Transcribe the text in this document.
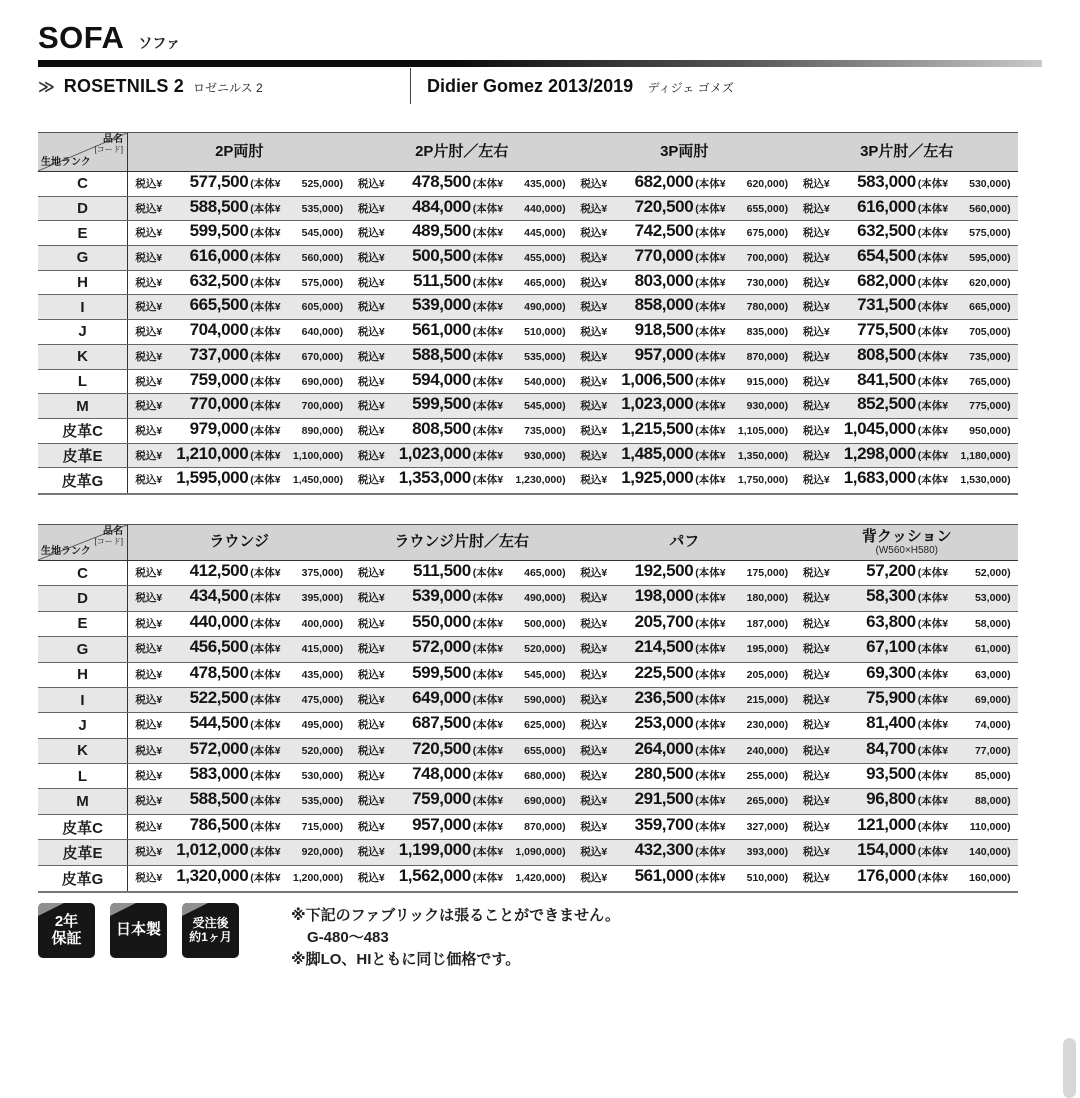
SOFA ソファ
≫ ROSETNILS 2 ロゼニルス 2	Didier Gomez 2013/2019 ディジェ ゴメズ
品名
[コード]
生地ランク
2P両肘	2P片肘／左右	3P両肘	3P片肘／左右
C	税込¥	577,500 (本体¥ 525,000) 税込¥	478,500 (本体¥ 435,000) 税込¥	682,000 (本体¥ 620,000) 税込¥	583,000 (本体¥ 530,000)
D	税込¥	588,500 (本体¥ 535,000) 税込¥	484,000 (本体¥ 440,000) 税込¥	720,500 (本体¥ 655,000) 税込¥	616,000 (本体¥ 560,000)
E	税込¥	599,500 (本体¥ 545,000) 税込¥	489,500 (本体¥ 445,000) 税込¥	742,500 (本体¥ 675,000) 税込¥	632,500 (本体¥ 575,000)
G	税込¥	616,000 (本体¥ 560,000) 税込¥	500,500 (本体¥ 455,000) 税込¥	770,000 (本体¥ 700,000) 税込¥	654,500 (本体¥ 595,000)
H	税込¥	632,500 (本体¥ 575,000) 税込¥	511,500 (本体¥ 465,000) 税込¥	803,000 (本体¥ 730,000) 税込¥	682,000 (本体¥ 620,000)
I	税込¥	665,500 (本体¥ 605,000) 税込¥	539,000 (本体¥ 490,000) 税込¥	858,000 (本体¥ 780,000) 税込¥	731,500 (本体¥ 665,000)
J	税込¥	704,000 (本体¥ 640,000) 税込¥	561,000 (本体¥ 510,000) 税込¥	918,500 (本体¥ 835,000) 税込¥	775,500 (本体¥ 705,000)
K	税込¥	737,000 (本体¥ 670,000) 税込¥	588,500 (本体¥ 535,000) 税込¥	957,000 (本体¥ 870,000) 税込¥	808,500 (本体¥ 735,000)
L	税込¥	759,000 (本体¥ 690,000) 税込¥	594,000 (本体¥ 540,000) 税込¥ 1,006,500 (本体¥ 915,000) 税込¥	841,500 (本体¥ 765,000)
M	税込¥	770,000 (本体¥ 700,000) 税込¥	599,500 (本体¥ 545,000) 税込¥ 1,023,000 (本体¥ 930,000) 税込¥	852,500 (本体¥ 775,000)
皮革C	税込¥	979,000 (本体¥ 890,000) 税込¥	808,500 (本体¥ 735,000) 税込¥ 1,215,500 (本体¥ 1,105,000) 税込¥ 1,045,000 (本体¥ 950,000)
皮革E	税込¥ 1,210,000 (本体¥ 1,100,000) 税込¥ 1,023,000 (本体¥ 930,000) 税込¥ 1,485,000 (本体¥ 1,350,000) 税込¥ 1,298,000 (本体¥ 1,180,000)
皮革G	税込¥ 1,595,000 (本体¥ 1,450,000) 税込¥ 1,353,000 (本体¥ 1,230,000) 税込¥ 1,925,000 (本体¥ 1,750,000) 税込¥ 1,683,000 (本体¥ 1,530,000)
品名
[コード]
生地ランク
ラウンジ	ラウンジ片肘／左右	パフ	背クッション
(W560×H580)
C	税込¥	412,500 (本体¥ 375,000) 税込¥	511,500 (本体¥ 465,000) 税込¥	192,500 (本体¥ 175,000) 税込¥	57,200 (本体¥	52,000)
D	税込¥	434,500 (本体¥ 395,000) 税込¥	539,000 (本体¥ 490,000) 税込¥	198,000 (本体¥ 180,000) 税込¥	58,300 (本体¥	53,000)
E	税込¥	440,000 (本体¥ 400,000) 税込¥	550,000 (本体¥ 500,000) 税込¥	205,700 (本体¥ 187,000) 税込¥	63,800 (本体¥	58,000)
G	税込¥	456,500 (本体¥ 415,000) 税込¥	572,000 (本体¥ 520,000) 税込¥	214,500 (本体¥ 195,000) 税込¥	67,100 (本体¥	61,000)
H	税込¥	478,500 (本体¥ 435,000) 税込¥	599,500 (本体¥ 545,000) 税込¥	225,500 (本体¥ 205,000) 税込¥	69,300 (本体¥	63,000)
I	税込¥	522,500 (本体¥ 475,000) 税込¥	649,000 (本体¥ 590,000) 税込¥	236,500 (本体¥ 215,000) 税込¥	75,900 (本体¥	69,000)
J	税込¥	544,500 (本体¥ 495,000) 税込¥	687,500 (本体¥ 625,000) 税込¥	253,000 (本体¥ 230,000) 税込¥	81,400 (本体¥	74,000)
K	税込¥	572,000 (本体¥ 520,000) 税込¥	720,500 (本体¥ 655,000) 税込¥	264,000 (本体¥ 240,000) 税込¥	84,700 (本体¥	77,000)
L	税込¥	583,000 (本体¥ 530,000) 税込¥	748,000 (本体¥ 680,000) 税込¥	280,500 (本体¥ 255,000) 税込¥	93,500 (本体¥	85,000)
M	税込¥	588,500 (本体¥ 535,000) 税込¥	759,000 (本体¥ 690,000) 税込¥	291,500 (本体¥ 265,000) 税込¥	96,800 (本体¥	88,000)
皮革C	税込¥	786,500 (本体¥ 715,000) 税込¥	957,000 (本体¥ 870,000) 税込¥	359,700 (本体¥ 327,000) 税込¥	121,000 (本体¥ 110,000)
皮革E	税込¥ 1,012,000 (本体¥ 920,000) 税込¥ 1,199,000 (本体¥ 1,090,000) 税込¥	432,300 (本体¥ 393,000) 税込¥	154,000 (本体¥ 140,000)
皮革G	税込¥ 1,320,000 (本体¥ 1,200,000) 税込¥ 1,562,000 (本体¥ 1,420,000) 税込¥	561,000 (本体¥ 510,000) 税込¥	176,000 (本体¥ 160,000)
2年
保証 日本製	受注後
約1ヶ月
※下記のファブリックは張ることができません。
G-480〜483
※脚LO、HIともに同じ価格です。
